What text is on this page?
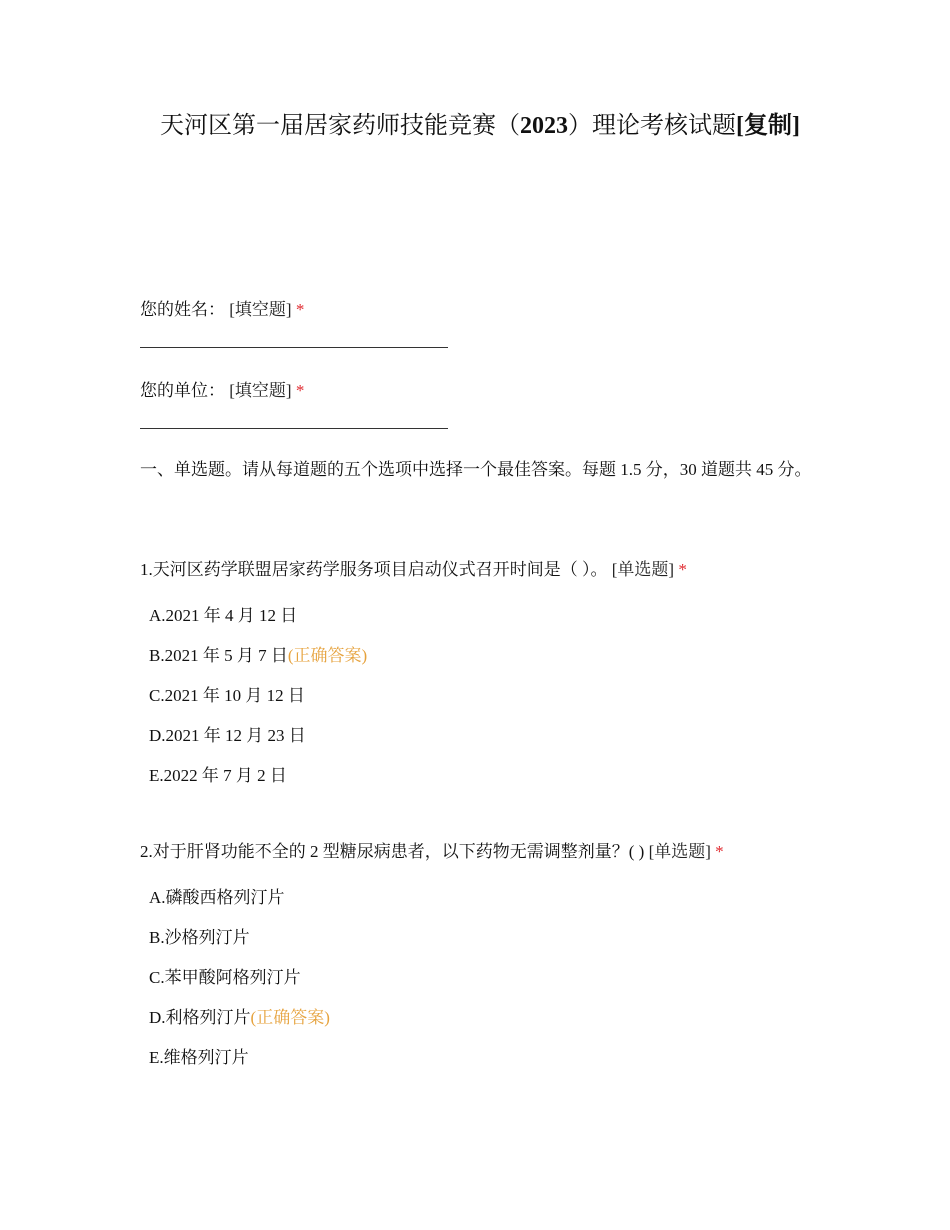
天河区第一届居家药师技能竞赛（2023）理论考核试题[复制]
您的姓名： [填空题] *
您的单位： [填空题] *
一、单选题。请从每道题的五个选项中选择一个最佳答案。每题 1.5 分，30 道题共 45 分。
1.天河区药学联盟居家药学服务项目启动仪式召开时间是（ ）。 [单选题] *
A.2021 年 4 月 12 日
B.2021 年 5 月 7 日(正确答案)
C.2021 年 10 月 12 日
D.2021 年 12 月 23 日
E.2022 年 7 月 2 日
2.对于肝肾功能不全的 2 型糖尿病患者，以下药物无需调整剂量？( ) [单选题] *
A.磷酸西格列汀片
B.沙格列汀片
C.苯甲酸阿格列汀片
D.利格列汀片(正确答案)
E.维格列汀片
